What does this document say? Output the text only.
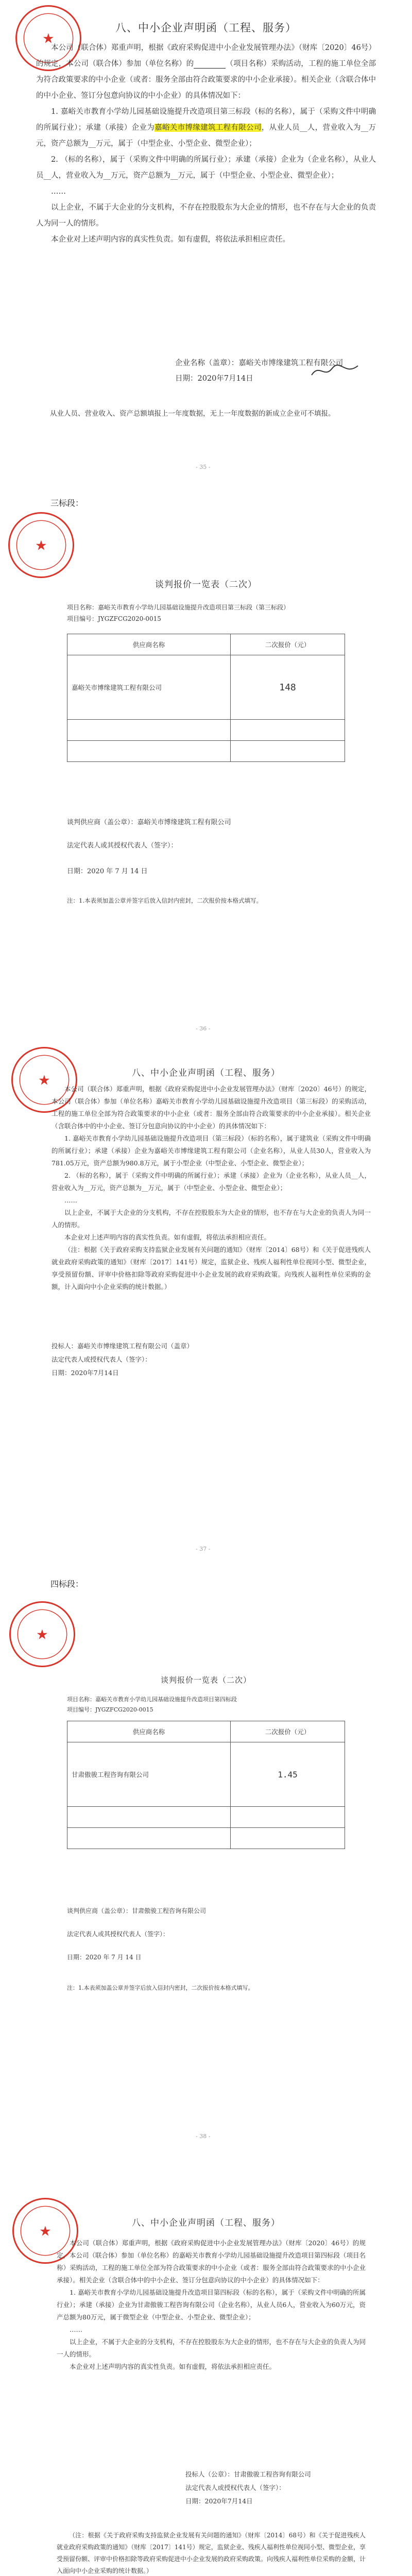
★
八、中小企业声明函（工程、服务）
本公司（联合体）郑重声明，根据《政府采购促进中小企业发展管理办法》（财库〔2020〕46号）的规定，本公司（联合体）参加（单位名称）的	（项目名称）采购活动，工程的施工单位全部为符合政策要求的中小企业（或者：服务全部由符合政策要求的中小企业承接）。相关企业（含联合体中的中小企业、签订分包意向协议的中小企业）的具体情况如下：
1. 嘉峪关市教育小学幼儿园基础设施提升改造项目第三标段（标的名称），属于（采购文件中明确的所属行业）；承建（承接）企业为嘉峪关市博缘建筑工程有限公司，从业人员__人，营业收入为__万元，资产总额为__万元，属于（中型企业、小型企业、微型企业）；
2. （标的名称），属于（采购文件中明确的所属行业）；承建（承接）企业为（企业名称），从业人员__人，营业收入为__万元，资产总额为__万元，属于（中型企业、小型企业、微型企业）；
……
以上企业，不属于大企业的分支机构，不存在控股股东为大企业的情形，也不存在与大企业的负责人为同一人的情形。
本企业对上述声明内容的真实性负责。如有虚假，将依法承担相应责任。
企业名称（盖章）：嘉峪关市博缘建筑工程有限公司
日期：2020年7月14日
从业人员、营业收入、资产总额填报上一年度数据，无上一年度数据的新成立企业可不填报。
- 35 -
三标段：
★
谈判报价一览表（二次）
项目名称：嘉峪关市教育小学幼儿园基础设施提升改造项目第三标段（第三标段）
项目编号：JYGZFCG2020-0015
供应商名称	二次报价（元）
嘉峪关市博缘建筑工程有限公司	148

谈判供应商（盖公章）：嘉峪关市博缘建筑工程有限公司
法定代表人或其授权代表人（签字）：
日期：2020 年 7 月 14 日
注：1.本表须加盖公章并签字后放入信封内密封，二次报价按本格式填写。
- 36 -
★	八、中小企业声明函（工程、服务）
本公司（联合体）郑重声明，根据《政府采购促进中小企业发展管理办法》（财库〔2020〕46号）的规定，本公司（联合体）参加（单位名称）嘉峪关市教育小学幼儿园基础设施提升改造项目（第三标段）的采购活动，工程的施工单位全部为符合政策要求的中小企业（或者：服务全部由符合政策要求的中小企业承接）。相关企业（含联合体中的中小企业、签订分包意向协议的中小企业）的具体情况如下：
1. 嘉峪关市教育小学幼儿园基础设施提升改造项目（第三标段）（标的名称），属于建筑业（采购文件中明确的所属行业）；承建（承接）企业为嘉峪关市博缘建筑工程有限公司（企业名称），从业人员30人，营业收入为781.05万元，资产总额为980.8万元，属于小型企业（中型企业、小型企业、微型企业）；
2. （标的名称），属于（采购文件中明确的所属行业）；承建（承接）企业为（企业名称），从业人员__人，营业收入为__万元，资产总额为__万元，属于（中型企业、小型企业、微型企业）；
……
以上企业，不属于大企业的分支机构，不存在控股股东为大企业的情形，也不存在与大企业的负责人为同一人的情形。
本企业对上述声明内容的真实性负责。如有虚假，将依法承担相应责任。
（注：根据《关于政府采购支持监狱企业发展有关问题的通知》（财库〔2014〕68号）和《关于促进残疾人就业政府采购政策的通知》（财库〔2017〕141号）规定，监狱企业、残疾人福利性单位视同小型、微型企业，享受预留份额、评审中价格扣除等政府采购促进中小企业发展的政府采购政策。向残疾人福利性单位采购的金额，计入面向中小企业采购的统计数据。）
投标人：嘉峪关市博缘建筑工程有限公司（盖章）
法定代表人或授权代表人（签字）：
日期：2020年7月14日
- 37 -
四标段：
★
谈判报价一览表（二次）
项目名称：嘉峪关市教育小学幼儿园基础设施提升改造项目第四标段
项目编号：JYGZFCG2020-0015
供应商名称	二次报价（元）
甘肃傲骏工程咨询有限公司	1.45

谈判供应商（盖公章）：甘肃傲骏工程咨询有限公司
法定代表人或其授权代表人（签字）：
日期：2020 年 7 月 14 日
注：1.本表须加盖公章并签字后放入信封内密封，二次报价按本格式填写。
- 38 -
★
八、中小企业声明函（工程、服务）
本公司（联合体）郑重声明，根据《政府采购促进中小企业发展管理办法》（财库〔2020〕46号）的规定，本公司（联合体）参加（单位名称）的嘉峪关市教育小学幼儿园基础设施提升改造项目第四标段（项目名称）采购活动，工程的施工单位全部为符合政策要求的中小企业（或者：服务全部由符合政策要求的中小企业承接）。相关企业（含联合体中的中小企业、签订分包意向协议的中小企业）的具体情况如下：
1. 嘉峪关市教育小学幼儿园基础设施提升改造项目第四标段（标的名称），属于（采购文件中明确的所属行业）；承建（承接）企业为甘肃傲骏工程咨询有限公司（企业名称），从业人员6人，营业收入为60万元，资产总额为80万元，属于微型企业（中型企业、小型企业、微型企业）；
……
以上企业，不属于大企业的分支机构，不存在控股股东为大企业的情形，也不存在与大企业的负责人为同一人的情形。
本企业对上述声明内容的真实性负责。如有虚假，将依法承担相应责任。
投标人（公章）：甘肃傲骏工程咨询有限公司
法定代表人或授权代表人（签字）：
日期：2020年7月14日
（注：根据《关于政府采购支持监狱企业发展有关问题的通知》（财库〔2014〕68号）和《关于促进残疾人就业政府采购政策的通知》（财库〔2017〕141号）规定，监狱企业、残疾人福利性单位视同小型、微型企业，享受预留份额、评审中价格扣除等政府采购促进中小企业发展的政府采购政策。向残疾人福利性单位采购的金额，计入面向中小企业采购的统计数据。）
